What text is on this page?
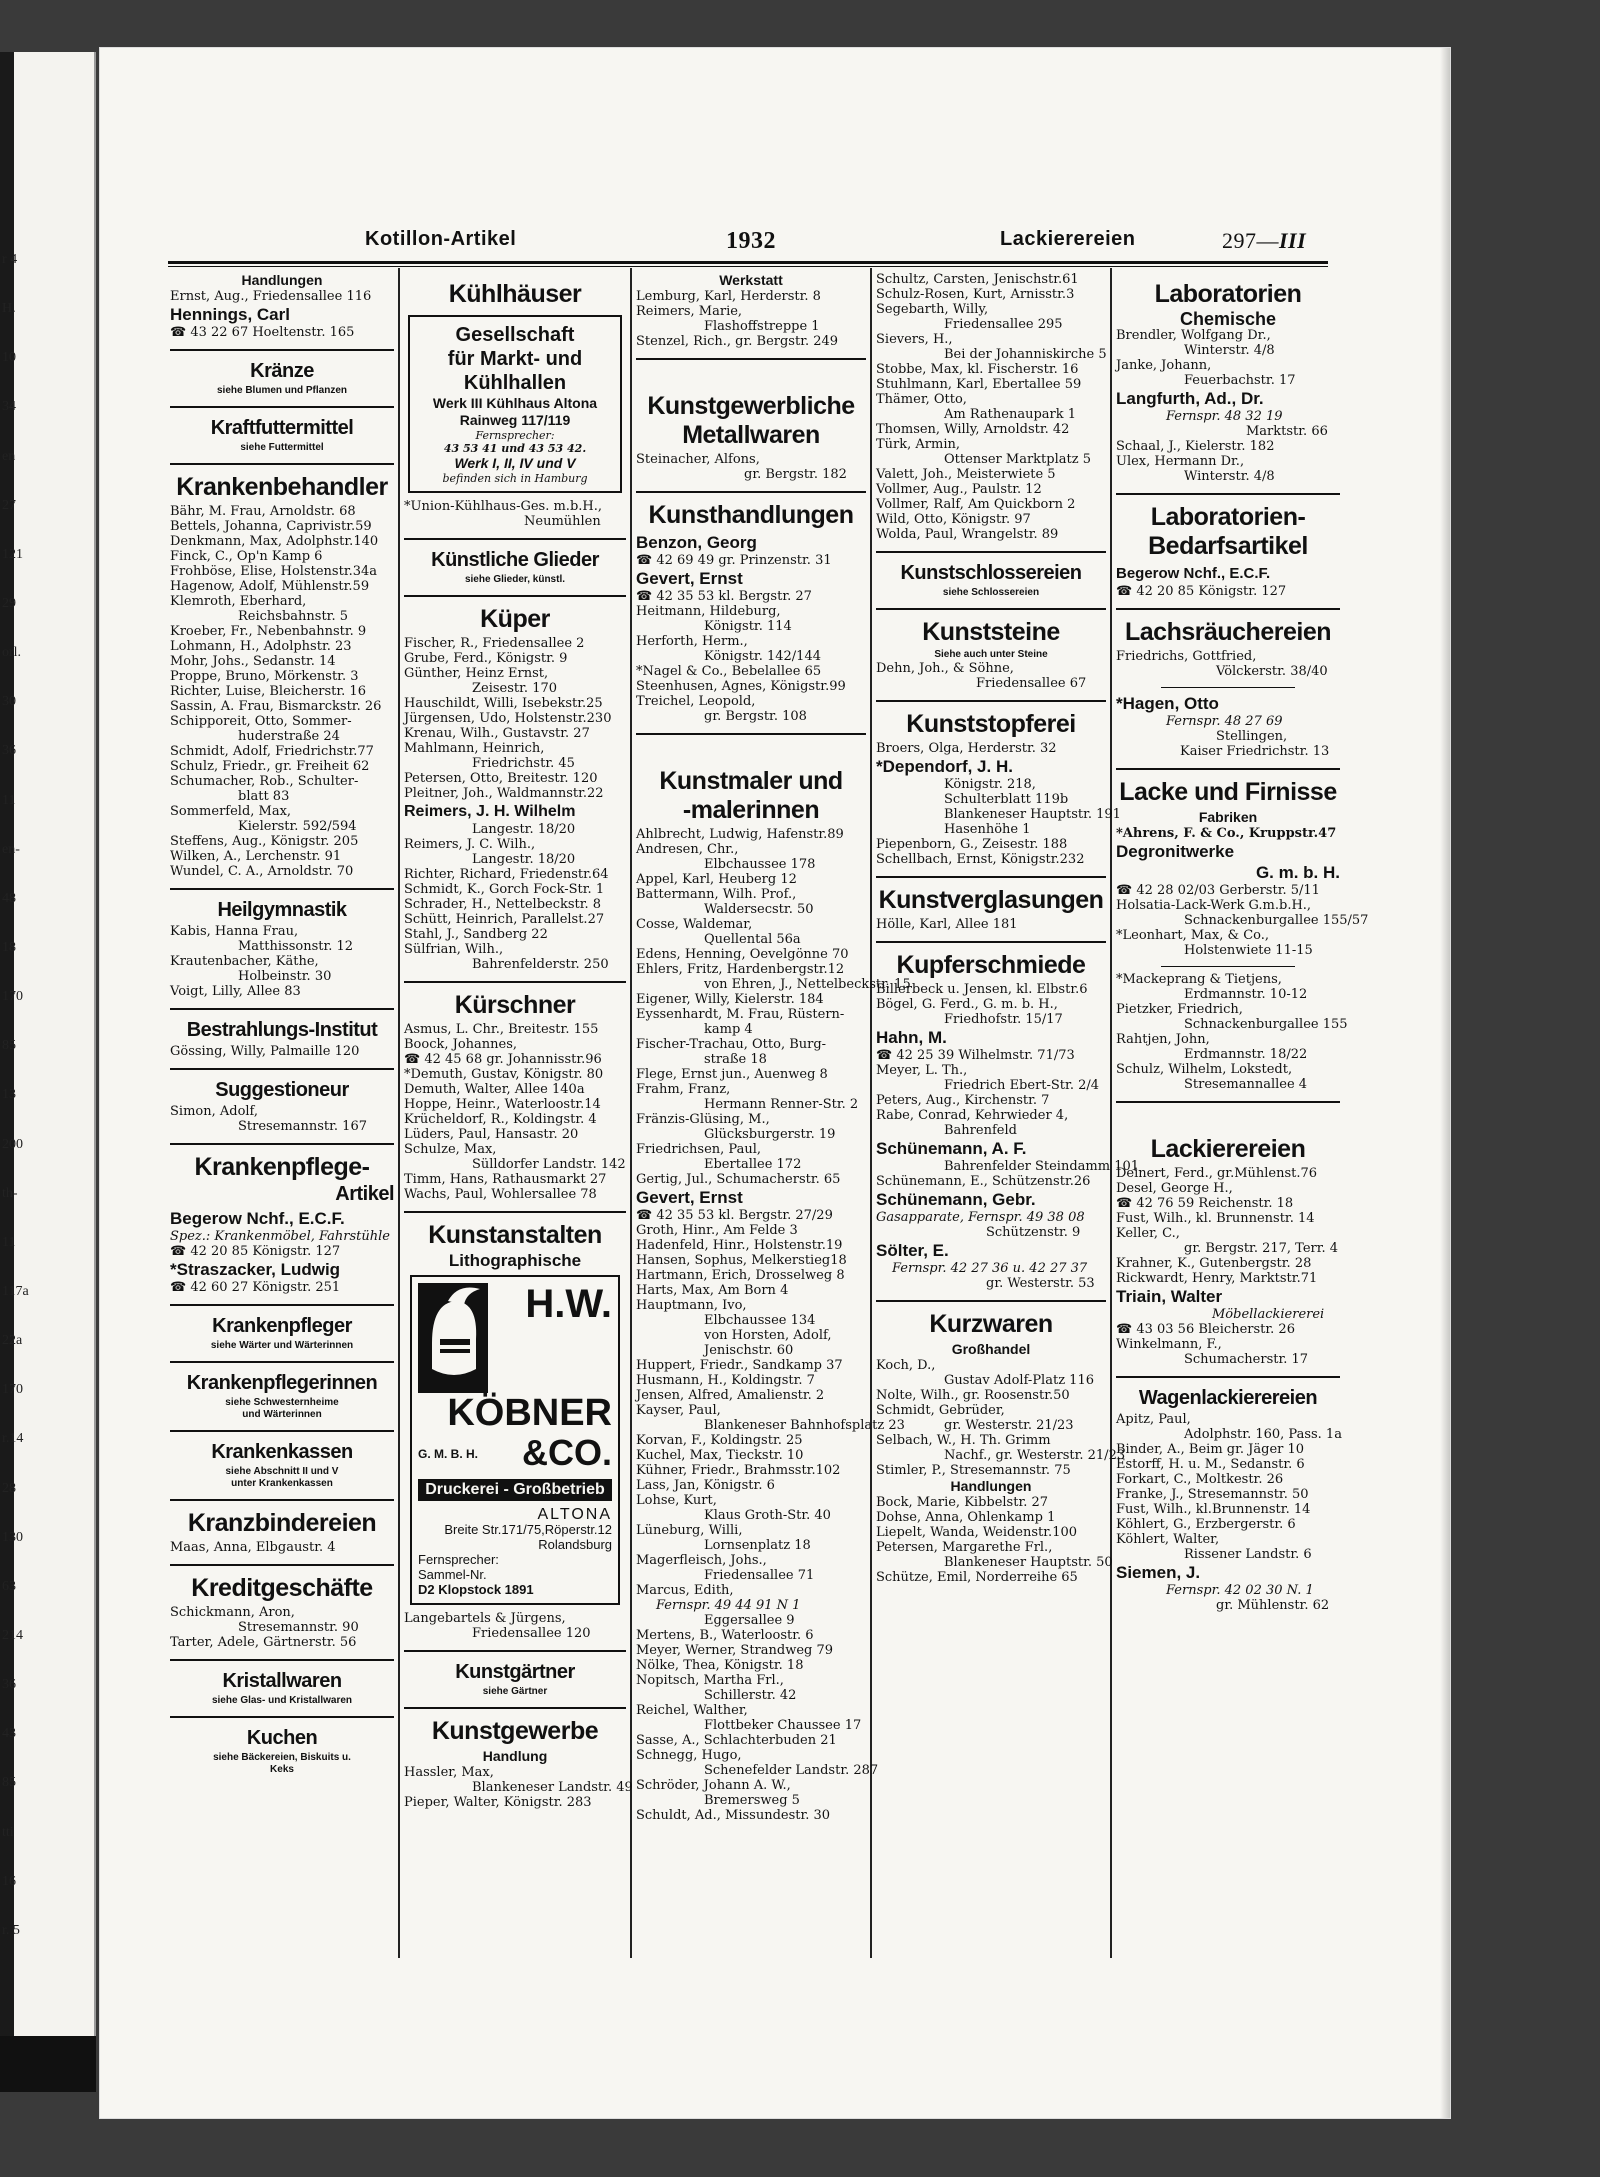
r 4
H.
10
34
en
27
121
29
orl.
30
36
11
en-
48
18
170
85
13
200
th-
11
117a
22a
170
r.14
28
130
63
214
36
43
85
tti
16
r. 5
Kotillon-Artikel	1932	Lackierereien	297—III
Handlungen
Ernst, Aug., Friedensallee 116
Hennings, Carl
☎ 43 22 67 Hoeltenstr. 165
Kränze
siehe Blumen und Pflanzen
Kraftfuttermittel
siehe Futtermittel
Krankenbehandler
Bähr, M. Frau, Arnoldstr. 68
Bettels, Johanna, Caprivistr.59
Denkmann, Max, Adolphstr.140
Finck, C., Op'n Kamp 6
Frohböse, Elise, Holstenstr.34a
Hagenow, Adolf, Mühlenstr.59
Klemroth, Eberhard,
Reichsbahnstr. 5
Kroeber, Fr., Nebenbahnstr. 9
Lohmann, H., Adolphstr. 23
Mohr, Johs., Sedanstr. 14
Proppe, Bruno, Mörkenstr. 3
Richter, Luise, Bleicherstr. 16
Sassin, A. Frau, Bismarckstr. 26
Schipporeit, Otto, Sommer-
huderstraße 24
Schmidt, Adolf, Friedrichstr.77
Schulz, Friedr., gr. Freiheit 62
Schumacher, Rob., Schulter-
blatt 83
Sommerfeld, Max,
Kielerstr. 592/594
Steffens, Aug., Königstr. 205
Wilken, A., Lerchenstr. 91
Wundel, C. A., Arnoldstr. 70
Heilgymnastik
Kabis, Hanna Frau,
Matthissonstr. 12
Krautenbacher, Käthe,
Holbeinstr. 30
Voigt, Lilly, Allee 83
Bestrahlungs-Institut
Gössing, Willy, Palmaille 120
Suggestioneur
Simon, Adolf,
Stresemannstr. 167
Krankenpflege-
Artikel
Begerow Nchf., E.C.F.
Spez.: Krankenmöbel, Fahrstühle
☎ 42 20 85 Königstr. 127
*Straszacker, Ludwig
☎ 42 60 27 Königstr. 251
Krankenpfleger
siehe Wärter und Wärterinnen
Krankenpflegerinnen
siehe Schwesternheime
und Wärterinnen
Krankenkassen
siehe Abschnitt II und V
unter Krankenkassen
Kranzbindereien
Maas, Anna, Elbgaustr. 4
Kreditgeschäfte
Schickmann, Aron,
Stresemannstr. 90
Tarter, Adele, Gärtnerstr. 56
Kristallwaren
siehe Glas- und Kristallwaren
Kuchen
siehe Bäckereien, Biskuits u.
Keks
Kühlhäuser
Gesellschaft
für Markt- und
Kühlhallen
Werk III Kühlhaus Altona
Rainweg 117/119
Fernsprecher:
43 53 41 und 43 53 42.
Werk I, II, IV und V
befinden sich in Hamburg
*Union-Kühlhaus-Ges. m.b.H.,
Neumühlen
Künstliche Glieder
siehe Glieder, künstl.
Küper
Fischer, R., Friedensallee 2
Grube, Ferd., Königstr. 9
Günther, Heinz Ernst,
Zeisestr. 170
Hauschildt, Willi, Isebekstr.25
Jürgensen, Udo, Holstenstr.230
Krenau, Wilh., Gustavstr. 27
Mahlmann, Heinrich,
Friedrichstr. 45
Petersen, Otto, Breitestr. 120
Pleitner, Joh., Waldmannstr.22
Reimers, J. H. Wilhelm
Langestr. 18/20
Reimers, J. C. Wilh.,
Langestr. 18/20
Richter, Richard, Friedenstr.64
Schmidt, K., Gorch Fock-Str. 1
Schrader, H., Nettelbeckstr. 8
Schütt, Heinrich, Parallelst.27
Stahl, J., Sandberg 22
Sülfrian, Wilh.,
Bahrenfelderstr. 250
Kürschner
Asmus, L. Chr., Breitestr. 155
Boock, Johannes,
☎ 42 45 68 gr. Johannisstr.96
*Demuth, Gustav, Königstr. 80
Demuth, Walter, Allee 140a
Hoppe, Heinr., Waterloostr.14
Krücheldorf, R., Koldingstr. 4
Lüders, Paul, Hansastr. 20
Schulze, Max,
Sülldorfer Landstr. 142
Timm, Hans, Rathausmarkt 27
Wachs, Paul, Wohlersallee 78
Kunstanstalten
Lithographische
H.W.
KÖBNER
G. M. B. H.	&CO.
Druckerei - Großbetrieb
ALTONA
Breite Str.171/75,Röperstr.12
Rolandsburg
Fernsprecher:
Sammel-Nr.
D2 Klopstock 1891
Langebartels & Jürgens,
Friedensallee 120
Kunstgärtner
siehe Gärtner
Kunstgewerbe
Handlung
Hassler, Max,
Blankeneser Landstr. 49
Pieper, Walter, Königstr. 283
Werkstatt
Lemburg, Karl, Herderstr. 8
Reimers, Marie,
Flashoffstreppe 1
Stenzel, Rich., gr. Bergstr. 249
Kunstgewerbliche
Metallwaren
Steinacher, Alfons,
gr. Bergstr. 182
Kunsthandlungen
Benzon, Georg
☎ 42 69 49 gr. Prinzenstr. 31
Gevert, Ernst
☎ 42 35 53 kl. Bergstr. 27
Heitmann, Hildeburg,
Königstr. 114
Herforth, Herm.,
Königstr. 142/144
*Nagel & Co., Bebelallee 65
Steenhusen, Agnes, Königstr.99
Treichel, Leopold,
gr. Bergstr. 108
Kunstmaler und
-malerinnen
Ahlbrecht, Ludwig, Hafenstr.89
Andresen, Chr.,
Elbchaussee 178
Appel, Karl, Heuberg 12
Battermann, Wilh. Prof.,
Waldersecstr. 50
Cosse, Waldemar,
Quellental 56a
Edens, Henning, Oevelgönne 70
Ehlers, Fritz, Hardenbergstr.12
von Ehren, J., Nettelbeckstr. 15
Eigener, Willy, Kielerstr. 184
Eyssenhardt, M. Frau, Rüstern-
kamp 4
Fischer-Trachau, Otto, Burg-
straße 18
Flege, Ernst jun., Auenweg 8
Frahm, Franz,
Hermann Renner-Str. 2
Fränzis-Glüsing, M.,
Glücksburgerstr. 19
Friedrichsen, Paul,
Ebertallee 172
Gertig, Jul., Schumacherstr. 65
Gevert, Ernst
☎ 42 35 53 kl. Bergstr. 27/29
Groth, Hinr., Am Felde 3
Hadenfeld, Hinr., Holstenstr.19
Hansen, Sophus, Melkerstieg18
Hartmann, Erich, Drosselweg 8
Harts, Max, Am Born 4
Hauptmann, Ivo,
Elbchaussee 134
von Horsten, Adolf,
Jenischstr. 60
Huppert, Friedr., Sandkamp 37
Husmann, H., Koldingstr. 7
Jensen, Alfred, Amalienstr. 2
Kayser, Paul,
Blankeneser Bahnhofsplatz 23
Korvan, F., Koldingstr. 25
Kuchel, Max, Tieckstr. 10
Kühner, Friedr., Brahmsstr.102
Lass, Jan, Königstr. 6
Lohse, Kurt,
Klaus Groth-Str. 40
Lüneburg, Willi,
Lornsenplatz 18
Magerfleisch, Johs.,
Friedensallee 71
Marcus, Edith,
Fernspr. 49 44 91 N 1
Eggersallee 9
Mertens, B., Waterloostr. 6
Meyer, Werner, Strandweg 79
Nölke, Thea, Königstr. 18
Nopitsch, Martha Frl.,
Schillerstr. 42
Reichel, Walther,
Flottbeker Chaussee 17
Sasse, A., Schlachterbuden 21
Schnegg, Hugo,
Schenefelder Landstr. 287
Schröder, Johann A. W.,
Bremersweg 5
Schuldt, Ad., Missundestr. 30
Schultz, Carsten, Jenischstr.61
Schulz-Rosen, Kurt, Arnisstr.3
Segebarth, Willy,
Friedensallee 295
Sievers, H.,
Bei der Johanniskirche 5
Stobbe, Max, kl. Fischerstr. 16
Stuhlmann, Karl, Ebertallee 59
Thämer, Otto,
Am Rathenaupark 1
Thomsen, Willy, Arnoldstr. 42
Türk, Armin,
Ottenser Marktplatz 5
Valett, Joh., Meisterwiete 5
Vollmer, Aug., Paulstr. 12
Vollmer, Ralf, Am Quickborn 2
Wild, Otto, Königstr. 97
Wolda, Paul, Wrangelstr. 89
Kunstschlossereien
siehe Schlossereien
Kunststeine
Siehe auch unter Steine
Dehn, Joh., & Söhne,
Friedensallee 67
Kunststopferei
Broers, Olga, Herderstr. 32
*Dependorf, J. H.
Königstr. 218,
Schulterblatt 119b
Blankeneser Hauptstr. 191
Hasenhöhe 1
Piepenborn, G., Zeisestr. 188
Schellbach, Ernst, Königstr.232
Kunstverglasungen
Hölle, Karl, Allee 181
Kupferschmiede
Billerbeck u. Jensen, kl. Elbstr.6
Bögel, G. Ferd., G. m. b. H.,
Friedhofstr. 15/17
Hahn, M.
☎ 42 25 39 Wilhelmstr. 71/73
Meyer, L. Th.,
Friedrich Ebert-Str. 2/4
Peters, Aug., Kirchenstr. 7
Rabe, Conrad, Kehrwieder 4,
Bahrenfeld
Schünemann, A. F.
Bahrenfelder Steindamm 101
Schünemann, E., Schützenstr.26
Schünemann, Gebr.
Gasapparate, Fernspr. 49 38 08
Schützenstr. 9
Sölter, E.
Fernspr. 42 27 36 u. 42 27 37
gr. Westerstr. 53
Kurzwaren
Großhandel
Koch, D.,
Gustav Adolf-Platz 116
Nolte, Wilh., gr. Roosenstr.50
Schmidt, Gebrüder,
gr. Westerstr. 21/23
Selbach, W., H. Th. Grimm
Nachf., gr. Westerstr. 21/23
Stimler, P., Stresemannstr. 75
Handlungen
Bock, Marie, Kibbelstr. 27
Dohse, Anna, Ohlenkamp 1
Liepelt, Wanda, Weidenstr.100
Petersen, Margarethe Frl.,
Blankeneser Hauptstr. 50
Schütze, Emil, Norderreihe 65
Laboratorien
Chemische
Brendler, Wolfgang Dr.,
Winterstr. 4/8
Janke, Johann,
Feuerbachstr. 17
Langfurth, Ad., Dr.
Fernspr. 48 32 19
Marktstr. 66
Schaal, J., Kielerstr. 182
Ulex, Hermann Dr.,
Winterstr. 4/8
Laboratorien-
Bedarfsartikel
Begerow Nchf., E.C.F.
☎ 42 20 85 Königstr. 127
Lachsräuchereien
Friedrichs, Gottfried,
Völckerstr. 38/40
*Hagen, Otto
Fernspr. 48 27 69
Stellingen,
Kaiser Friedrichstr. 13
Lacke und Firnisse
Fabriken
*Ahrens, F. & Co., Kruppstr.47
Degronitwerke
G. m. b. H.
☎ 42 28 02/03 Gerberstr. 5/11
Holsatia-Lack-Werk G.m.b.H.,
Schnackenburgallee 155/57
*Leonhart, Max, & Co.,
Holstenwiete 11-15
*Mackeprang & Tietjens,
Erdmannstr. 10-12
Pietzker, Friedrich,
Schnackenburgallee 155
Rahtjen, John,
Erdmannstr. 18/22
Schulz, Wilhelm, Lokstedt,
Stresemannallee 4
Lackierereien
Deinert, Ferd., gr.Mühlenst.76
Desel, George H.,
☎ 42 76 59 Reichenstr. 18
Fust, Wilh., kl. Brunnenstr. 14
Keller, C.,
gr. Bergstr. 217, Terr. 4
Krahner, K., Gutenbergstr. 28
Rickwardt, Henry, Marktstr.71
Triain, Walter
Möbellackiererei
☎ 43 03 56 Bleicherstr. 26
Winkelmann, F.,
Schumacherstr. 17
Wagenlackierereien
Apitz, Paul,
Adolphstr. 160, Pass. 1a
Binder, A., Beim gr. Jäger 10
Estorff, H. u. M., Sedanstr. 6
Forkart, C., Moltkestr. 26
Franke, J., Stresemannstr. 50
Fust, Wilh., kl.Brunnenstr. 14
Köhlert, G., Erzbergerstr. 6
Köhlert, Walter,
Rissener Landstr. 6
Siemen, J.
Fernspr. 42 02 30 N. 1
gr. Mühlenstr. 62
